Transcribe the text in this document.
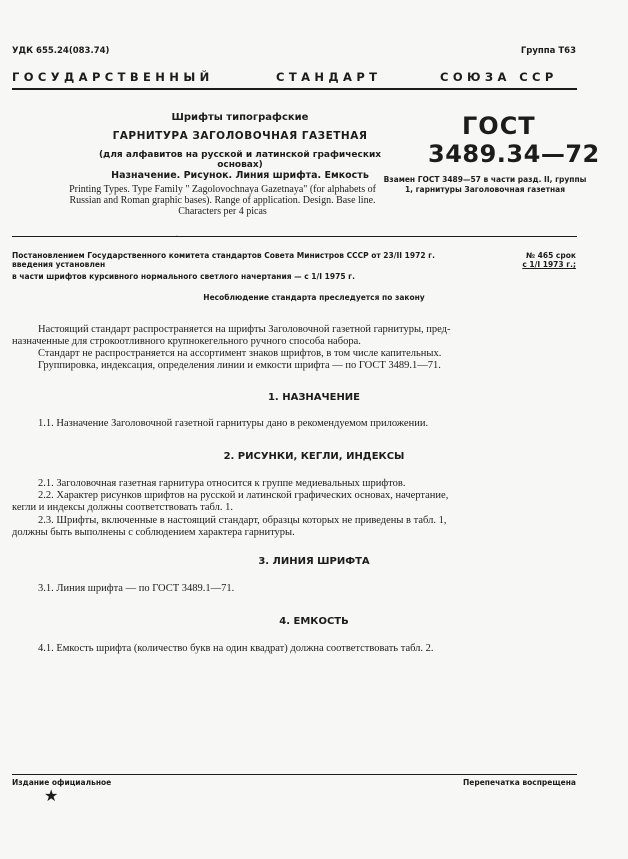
УДК 655.24(083.74)	Группа Т63
ГОСУДАРСТВЕННЫЙ	СТАНДАРТ	СОЮЗА ССР
Шрифты типографские
ГАРНИТУРА ЗАГОЛОВОЧНАЯ ГАЗЕТНАЯ
(для алфавитов на русской и латинской графических основах)
Назначение. Рисунок. Линия шрифта. Емкость
Printing Types. Type Family " Zagolovochnaya Gazetnaya" (for alphabets of Russian and Roman graphic bases). Range of application. Design. Base line. Characters per 4 picas
ГОСТ
3489.34—72
Взамен ГОСТ 3489—57 в части разд. II, группы 1, гарнитуры Заголовочная газетная
ˎ
Постановлением Государственного комитета стандартов Совета Министров СССР от 23/II 1972 г.
введения установлен
в части шрифтов курсивного нормального светлого начертания — с 1/I 1975 г.
№ 465 срок
с 1/I 1973 г.;
Несоблюдение стандарта преследуется по закону
Настоящий стандарт распространяется на шрифты Заголовочной газетной гарнитуры, пред-
назначенные для строкоотливного крупнокегельного ручного способа набора.
Стандарт не распространяется на ассортимент знаков шрифтов, в том числе капительных.
Группировка, индексация, определения линии и емкости шрифта — по ГОСТ 3489.1—71.
1. НАЗНАЧЕНИЕ
1.1. Назначение Заголовочной газетной гарнитуры дано в рекомендуемом приложении.
2. РИСУНКИ, КЕГЛИ, ИНДЕКСЫ
2.1. Заголовочная газетная гарнитура относится к группе медиевальных шрифтов.
2.2. Характер рисунков шрифтов на русской и латинской графических основах, начертание,
кегли и индексы должны соответствовать табл. 1.
2.3. Шрифты, включенные в настоящий стандарт, образцы которых не приведены в табл. 1,
должны быть выполнены с соблюдением характера гарнитуры.
3. ЛИНИЯ ШРИФТА
3.1. Линия шрифта — по ГОСТ 3489.1—71.
4. ЕМКОСТЬ
4.1. Емкость шрифта (количество букв на один квадрат) должна соответствовать табл. 2.
Издание официальное
★
Перепечатка воспрещена
